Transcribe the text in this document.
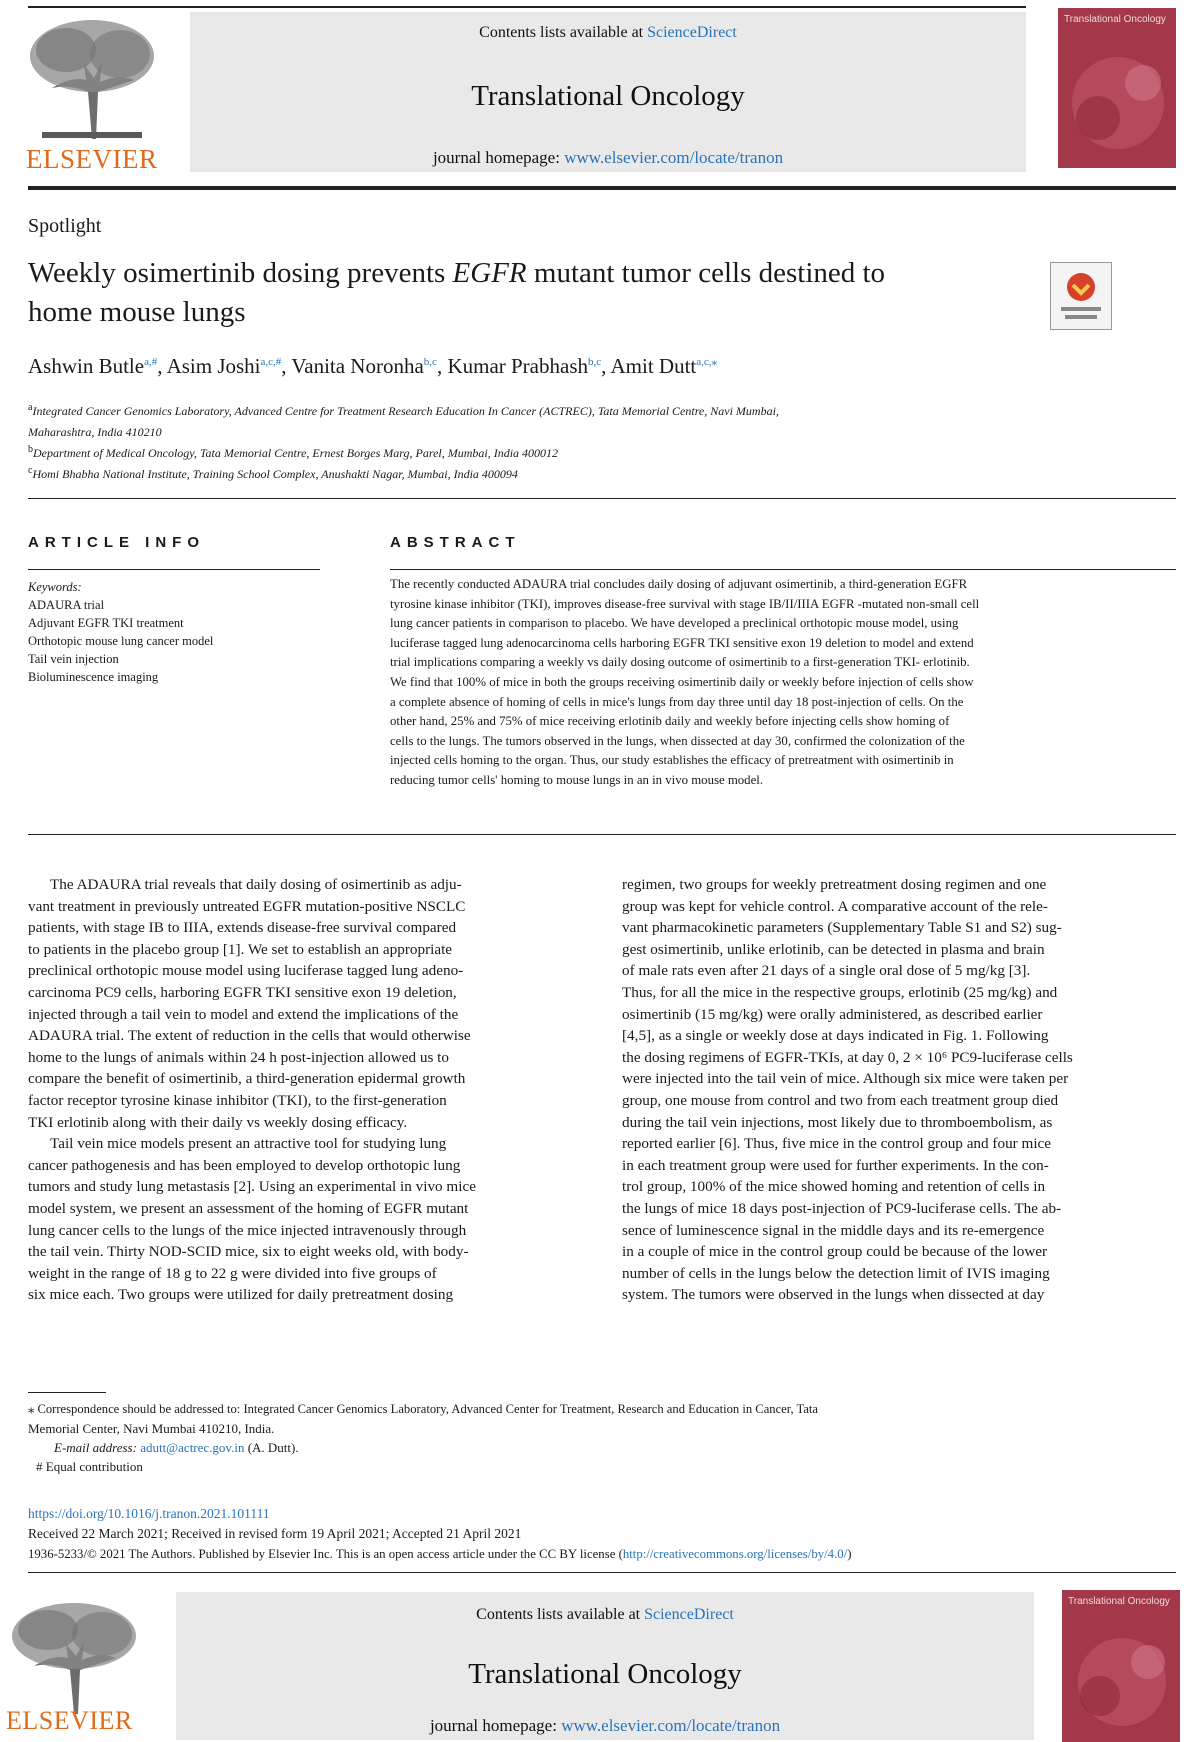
ELSEVIER
Contents lists available at ScienceDirect
Translational Oncology
journal homepage: www.elsevier.com/locate/tranon
Translational Oncology
Spotlight
Weekly osimertinib dosing prevents EGFR mutant tumor cells destined to
home mouse lungs
Ashwin Butle$^{a,\#}$, Asim Joshi$^{a,c,\#}$, Vanita Noronha$^{b,c}$, Kumar Prabhash$^{b,c}$, Amit Dutt$^{a,c,⁎}$
$^a$Integrated Cancer Genomics Laboratory, Advanced Centre for Treatment Research Education In Cancer (ACTREC), Tata Memorial Centre, Navi Mumbai,
Maharashtra, India 410210
$^b$Department of Medical Oncology, Tata Memorial Centre, Ernest Borges Marg, Parel, Mumbai, India 400012
$^c$Homi Bhabha National Institute, Training School Complex, Anushakti Nagar, Mumbai, India 400094
ARTICLE INFO
Keywords:
ADAURA trial
Adjuvant EGFR TKI treatment
Orthotopic mouse lung cancer model
Tail vein injection
Bioluminescence imaging
ABSTRACT
The recently conducted ADAURA trial concludes daily dosing of adjuvant osimertinib, a third-generation EGFR
tyrosine kinase inhibitor (TKI), improves disease-free survival with stage IB/II/IIIA EGFR -mutated non-small cell
lung cancer patients in comparison to placebo. We have developed a preclinical orthotopic mouse model, using
luciferase tagged lung adenocarcinoma cells harboring EGFR TKI sensitive exon 19 deletion to model and extend
trial implications comparing a weekly vs daily dosing outcome of osimertinib to a first-generation TKI- erlotinib.
We find that 100% of mice in both the groups receiving osimertinib daily or weekly before injection of cells show
a complete absence of homing of cells in mice's lungs from day three until day 18 post-injection of cells. On the
other hand, 25% and 75% of mice receiving erlotinib daily and weekly before injecting cells show homing of
cells to the lungs. The tumors observed in the lungs, when dissected at day 30, confirmed the colonization of the
injected cells homing to the organ. Thus, our study establishes the efficacy of pretreatment with osimertinib in
reducing tumor cells' homing to mouse lungs in an in vivo mouse model.
The ADAURA trial reveals that daily dosing of osimertinib as adju-
vant treatment in previously untreated EGFR mutation-positive NSCLC
patients, with stage IB to IIIA, extends disease-free survival compared
to patients in the placebo group [1]. We set to establish an appropriate
preclinical orthotopic mouse model using luciferase tagged lung adeno-
carcinoma PC9 cells, harboring EGFR TKI sensitive exon 19 deletion,
injected through a tail vein to model and extend the implications of the
ADAURA trial. The extent of reduction in the cells that would otherwise
home to the lungs of animals within 24 h post-injection allowed us to
compare the benefit of osimertinib, a third-generation epidermal growth
factor receptor tyrosine kinase inhibitor (TKI), to the first-generation
TKI erlotinib along with their daily vs weekly dosing efficacy.
Tail vein mice models present an attractive tool for studying lung
cancer pathogenesis and has been employed to develop orthotopic lung
tumors and study lung metastasis [2]. Using an experimental in vivo mice
model system, we present an assessment of the homing of EGFR mutant
lung cancer cells to the lungs of the mice injected intravenously through
the tail vein. Thirty NOD-SCID mice, six to eight weeks old, with body-
weight in the range of 18 g to 22 g were divided into five groups of
six mice each. Two groups were utilized for daily pretreatment dosing
regimen, two groups for weekly pretreatment dosing regimen and one
group was kept for vehicle control. A comparative account of the rele-
vant pharmacokinetic parameters (Supplementary Table S1 and S2) sug-
gest osimertinib, unlike erlotinib, can be detected in plasma and brain
of male rats even after 21 days of a single oral dose of 5 mg/kg [3].
Thus, for all the mice in the respective groups, erlotinib (25 mg/kg) and
osimertinib (15 mg/kg) were orally administered, as described earlier
[4,5], as a single or weekly dose at days indicated in Fig. 1. Following
the dosing regimens of EGFR-TKIs, at day 0, 2 × 10⁶ PC9-luciferase cells
were injected into the tail vein of mice. Although six mice were taken per
group, one mouse from control and two from each treatment group died
during the tail vein injections, most likely due to thromboembolism, as
reported earlier [6]. Thus, five mice in the control group and four mice
in each treatment group were used for further experiments. In the con-
trol group, 100% of the mice showed homing and retention of cells in
the lungs of mice 18 days post-injection of PC9-luciferase cells. The ab-
sence of luminescence signal in the middle days and its re-emergence
in a couple of mice in the control group could be because of the lower
number of cells in the lungs below the detection limit of IVIS imaging
system. The tumors were observed in the lungs when dissected at day
⁎ Correspondence should be addressed to: Integrated Cancer Genomics Laboratory, Advanced Center for Treatment, Research and Education in Cancer, Tata
Memorial Center, Navi Mumbai 410210, India.
E-mail address: adutt@actrec.gov.in (A. Dutt).
# Equal contribution
https://doi.org/10.1016/j.tranon.2021.101111
Received 22 March 2021; Received in revised form 19 April 2021; Accepted 21 April 2021
1936-5233/© 2021 The Authors. Published by Elsevier Inc. This is an open access article under the CC BY license (http://creativecommons.org/licenses/by/4.0/)
ELSEVIER
Contents lists available at ScienceDirect
Translational Oncology
journal homepage: www.elsevier.com/locate/tranon
Translational Oncology
